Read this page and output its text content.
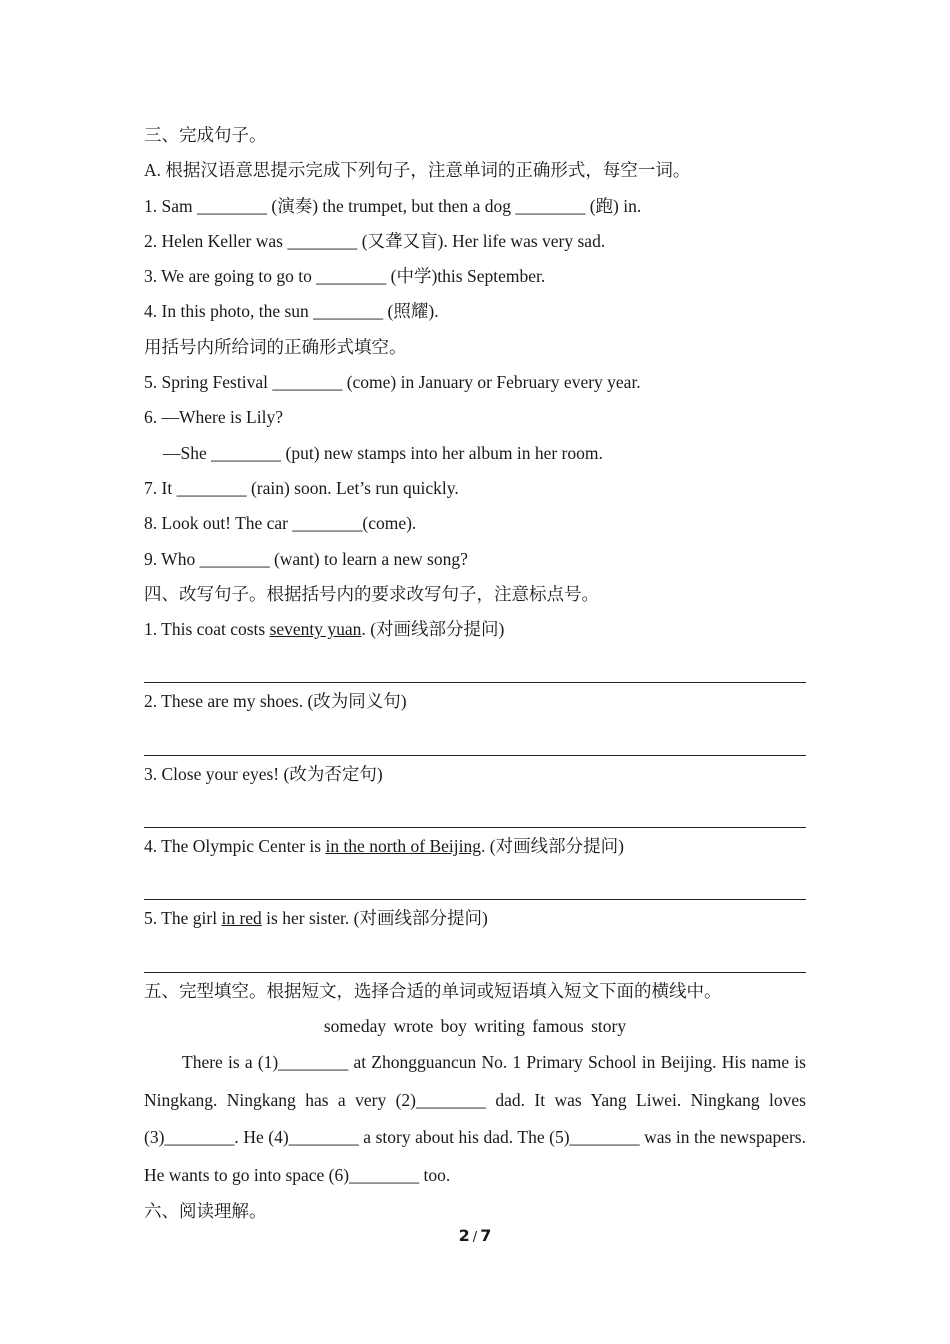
三、完成句子。
A. 根据汉语意思提示完成下列句子，注意单词的正确形式，每空一词。
1. Sam ________ (演奏) the trumpet, but then a dog ________ (跑) in.
2. Helen Keller was ________ (又聋又盲). Her life was very sad.
3. We are going to go to ________ (中学)this September.
4. In this photo, the sun ________ (照耀).
用括号内所给词的正确形式填空。
5. Spring Festival ________ (come) in January or February every year.
6. —Where is Lily?
—She ________ (put) new stamps into her album in her room.
7. It ________ (rain) soon. Let’s run quickly.
8. Look out! The car ________(come).
9. Who ________ (want) to learn a new song?
四、改写句子。根据括号内的要求改写句子，注意标点号。
1. This coat costs seventy yuan. (对画线部分提问)
2. These are my shoes. (改为同义句)
3. Close your eyes! (改为否定句)
4. The Olympic Center is in the north of Beijing. (对画线部分提问)
5. The girl in red is her sister. (对画线部分提问)
五、完型填空。根据短文，选择合适的单词或短语填入短文下面的横线中。
someday wrote boy writing famous story

There is a (1)________ at Zhongguancun No. 1 Primary School in Beijing. His name is Ningkang. Ningkang has a very (2)________ dad. It was Yang Liwei. Ningkang loves (3)________. He (4)________ a story about his dad. The (5)________ was in the newspapers. He wants to go into space (6)________ too.

六、阅读理解。
2 / 7
